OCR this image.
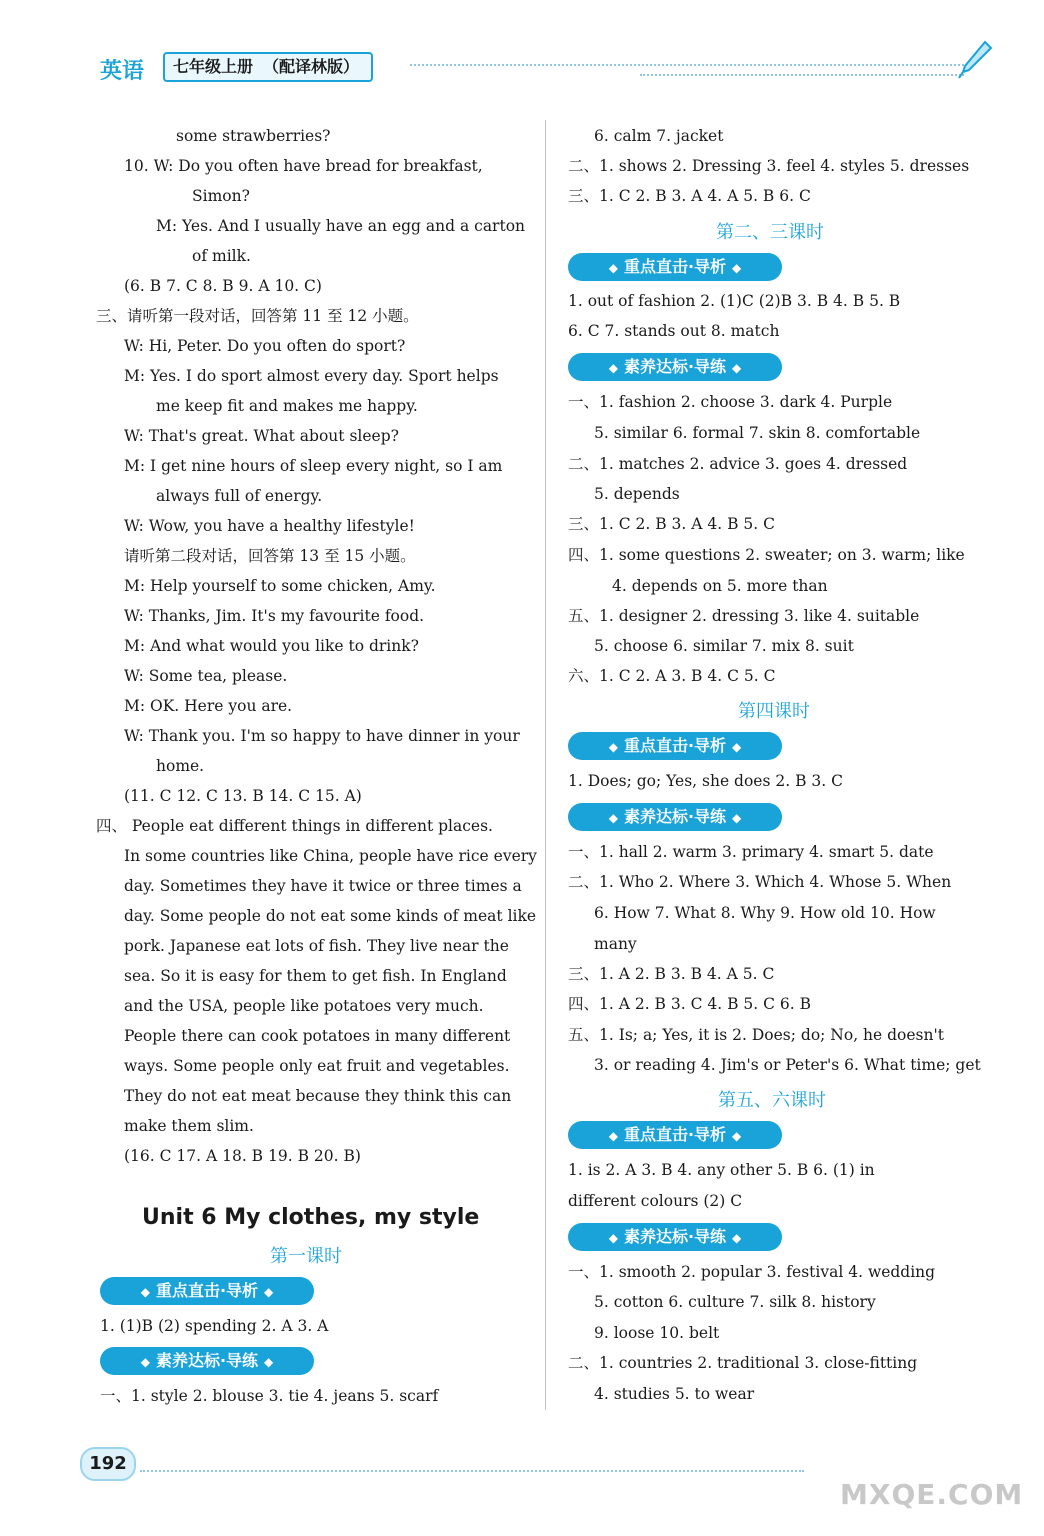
英语 七年级上册 （配译林版）
some strawberries?
10. W: Do you often have bread for breakfast,
Simon?
M: Yes. And I usually have an egg and a carton
of milk.
(6. B 7. C 8. B 9. A 10. C)
三、请听第一段对话，回答第 11 至 12 小题。
W: Hi, Peter. Do you often do sport?
M: Yes. I do sport almost every day. Sport helps
me keep fit and makes me happy.
W: That's great. What about sleep?
M: I get nine hours of sleep every night, so I am
always full of energy.
W: Wow, you have a healthy lifestyle!
请听第二段对话，回答第 13 至 15 小题。
M: Help yourself to some chicken, Amy.
W: Thanks, Jim. It's my favourite food.
M: And what would you like to drink?
W: Some tea, please.
M: OK. Here you are.
W: Thank you. I'm so happy to have dinner in your
home.
(11. C 12. C 13. B 14. C 15. A)
四、 People eat different things in different places.
In some countries like China, people have rice every
day. Sometimes they have it twice or three times a
day. Some people do not eat some kinds of meat like
pork. Japanese eat lots of fish. They live near the
sea. So it is easy for them to get fish. In England
and the USA, people like potatoes very much.
People there can cook potatoes in many different
ways. Some people only eat fruit and vegetables.
They do not eat meat because they think this can
make them slim.
(16. C 17. A 18. B 19. B 20. B)
Unit 6 My clothes, my style
第一课时
◆ 重点直击·导析 ◆
1. (1)B (2) spending 2. A 3. A
◆ 素养达标·导练 ◆
一、1. style 2. blouse 3. tie 4. jeans 5. scarf
6. calm 7. jacket
二、1. shows 2. Dressing 3. feel 4. styles 5. dresses
三、1. C 2. B 3. A 4. A 5. B 6. C
第二、三课时
◆ 重点直击·导析 ◆
1. out of fashion 2. (1)C (2)B 3. B 4. B 5. B
6. C 7. stands out 8. match
◆ 素养达标·导练 ◆
一、1. fashion 2. choose 3. dark 4. Purple
5. similar 6. formal 7. skin 8. comfortable
二、1. matches 2. advice 3. goes 4. dressed
5. depends
三、1. C 2. B 3. A 4. B 5. C
四、1. some questions 2. sweater; on 3. warm; like
4. depends on 5. more than
五、1. designer 2. dressing 3. like 4. suitable
5. choose 6. similar 7. mix 8. suit
六、1. C 2. A 3. B 4. C 5. C
第四课时
◆ 重点直击·导析 ◆
1. Does; go; Yes, she does 2. B 3. C
◆ 素养达标·导练 ◆
一、1. hall 2. warm 3. primary 4. smart 5. date
二、1. Who 2. Where 3. Which 4. Whose 5. When
6. How 7. What 8. Why 9. How old 10. How
many
三、1. A 2. B 3. B 4. A 5. C
四、1. A 2. B 3. C 4. B 5. C 6. B
五、1. Is; a; Yes, it is 2. Does; do; No, he doesn't
3. or reading 4. Jim's or Peter's 6. What time; get
第五、六课时
◆ 重点直击·导析 ◆
1. is 2. A 3. B 4. any other 5. B 6. (1) in
different colours (2) C
◆ 素养达标·导练 ◆
一、1. smooth 2. popular 3. festival 4. wedding
5. cotton 6. culture 7. silk 8. history
9. loose 10. belt
二、1. countries 2. traditional 3. close-fitting
4. studies 5. to wear
192
MXQE.COM
